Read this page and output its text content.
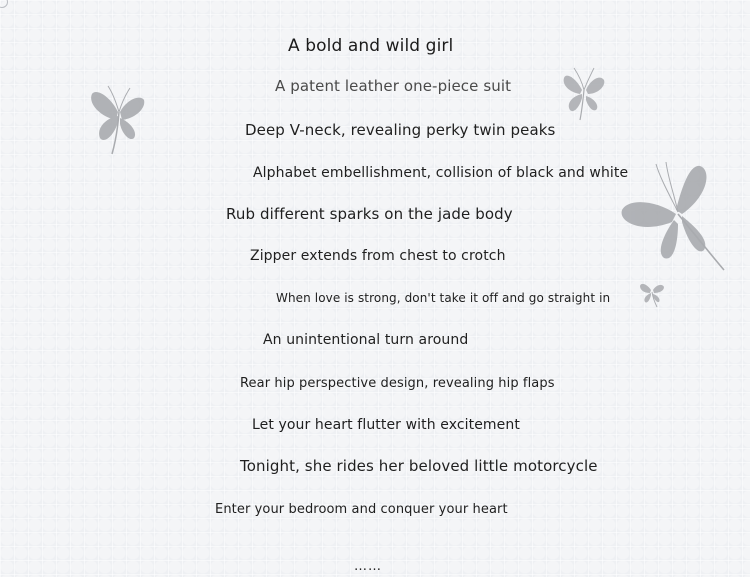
A bold and wild girl
A patent leather one-piece suit
Deep V-neck, revealing perky twin peaks
Alphabet embellishment, collision of black and white
Rub different sparks on the jade body
Zipper extends from chest to crotch
When love is strong, don't take it off and go straight in
An unintentional turn around
Rear hip perspective design, revealing hip flaps
Let your heart flutter with excitement
Tonight, she rides her beloved little motorcycle
Enter your bedroom and conquer your heart
……
